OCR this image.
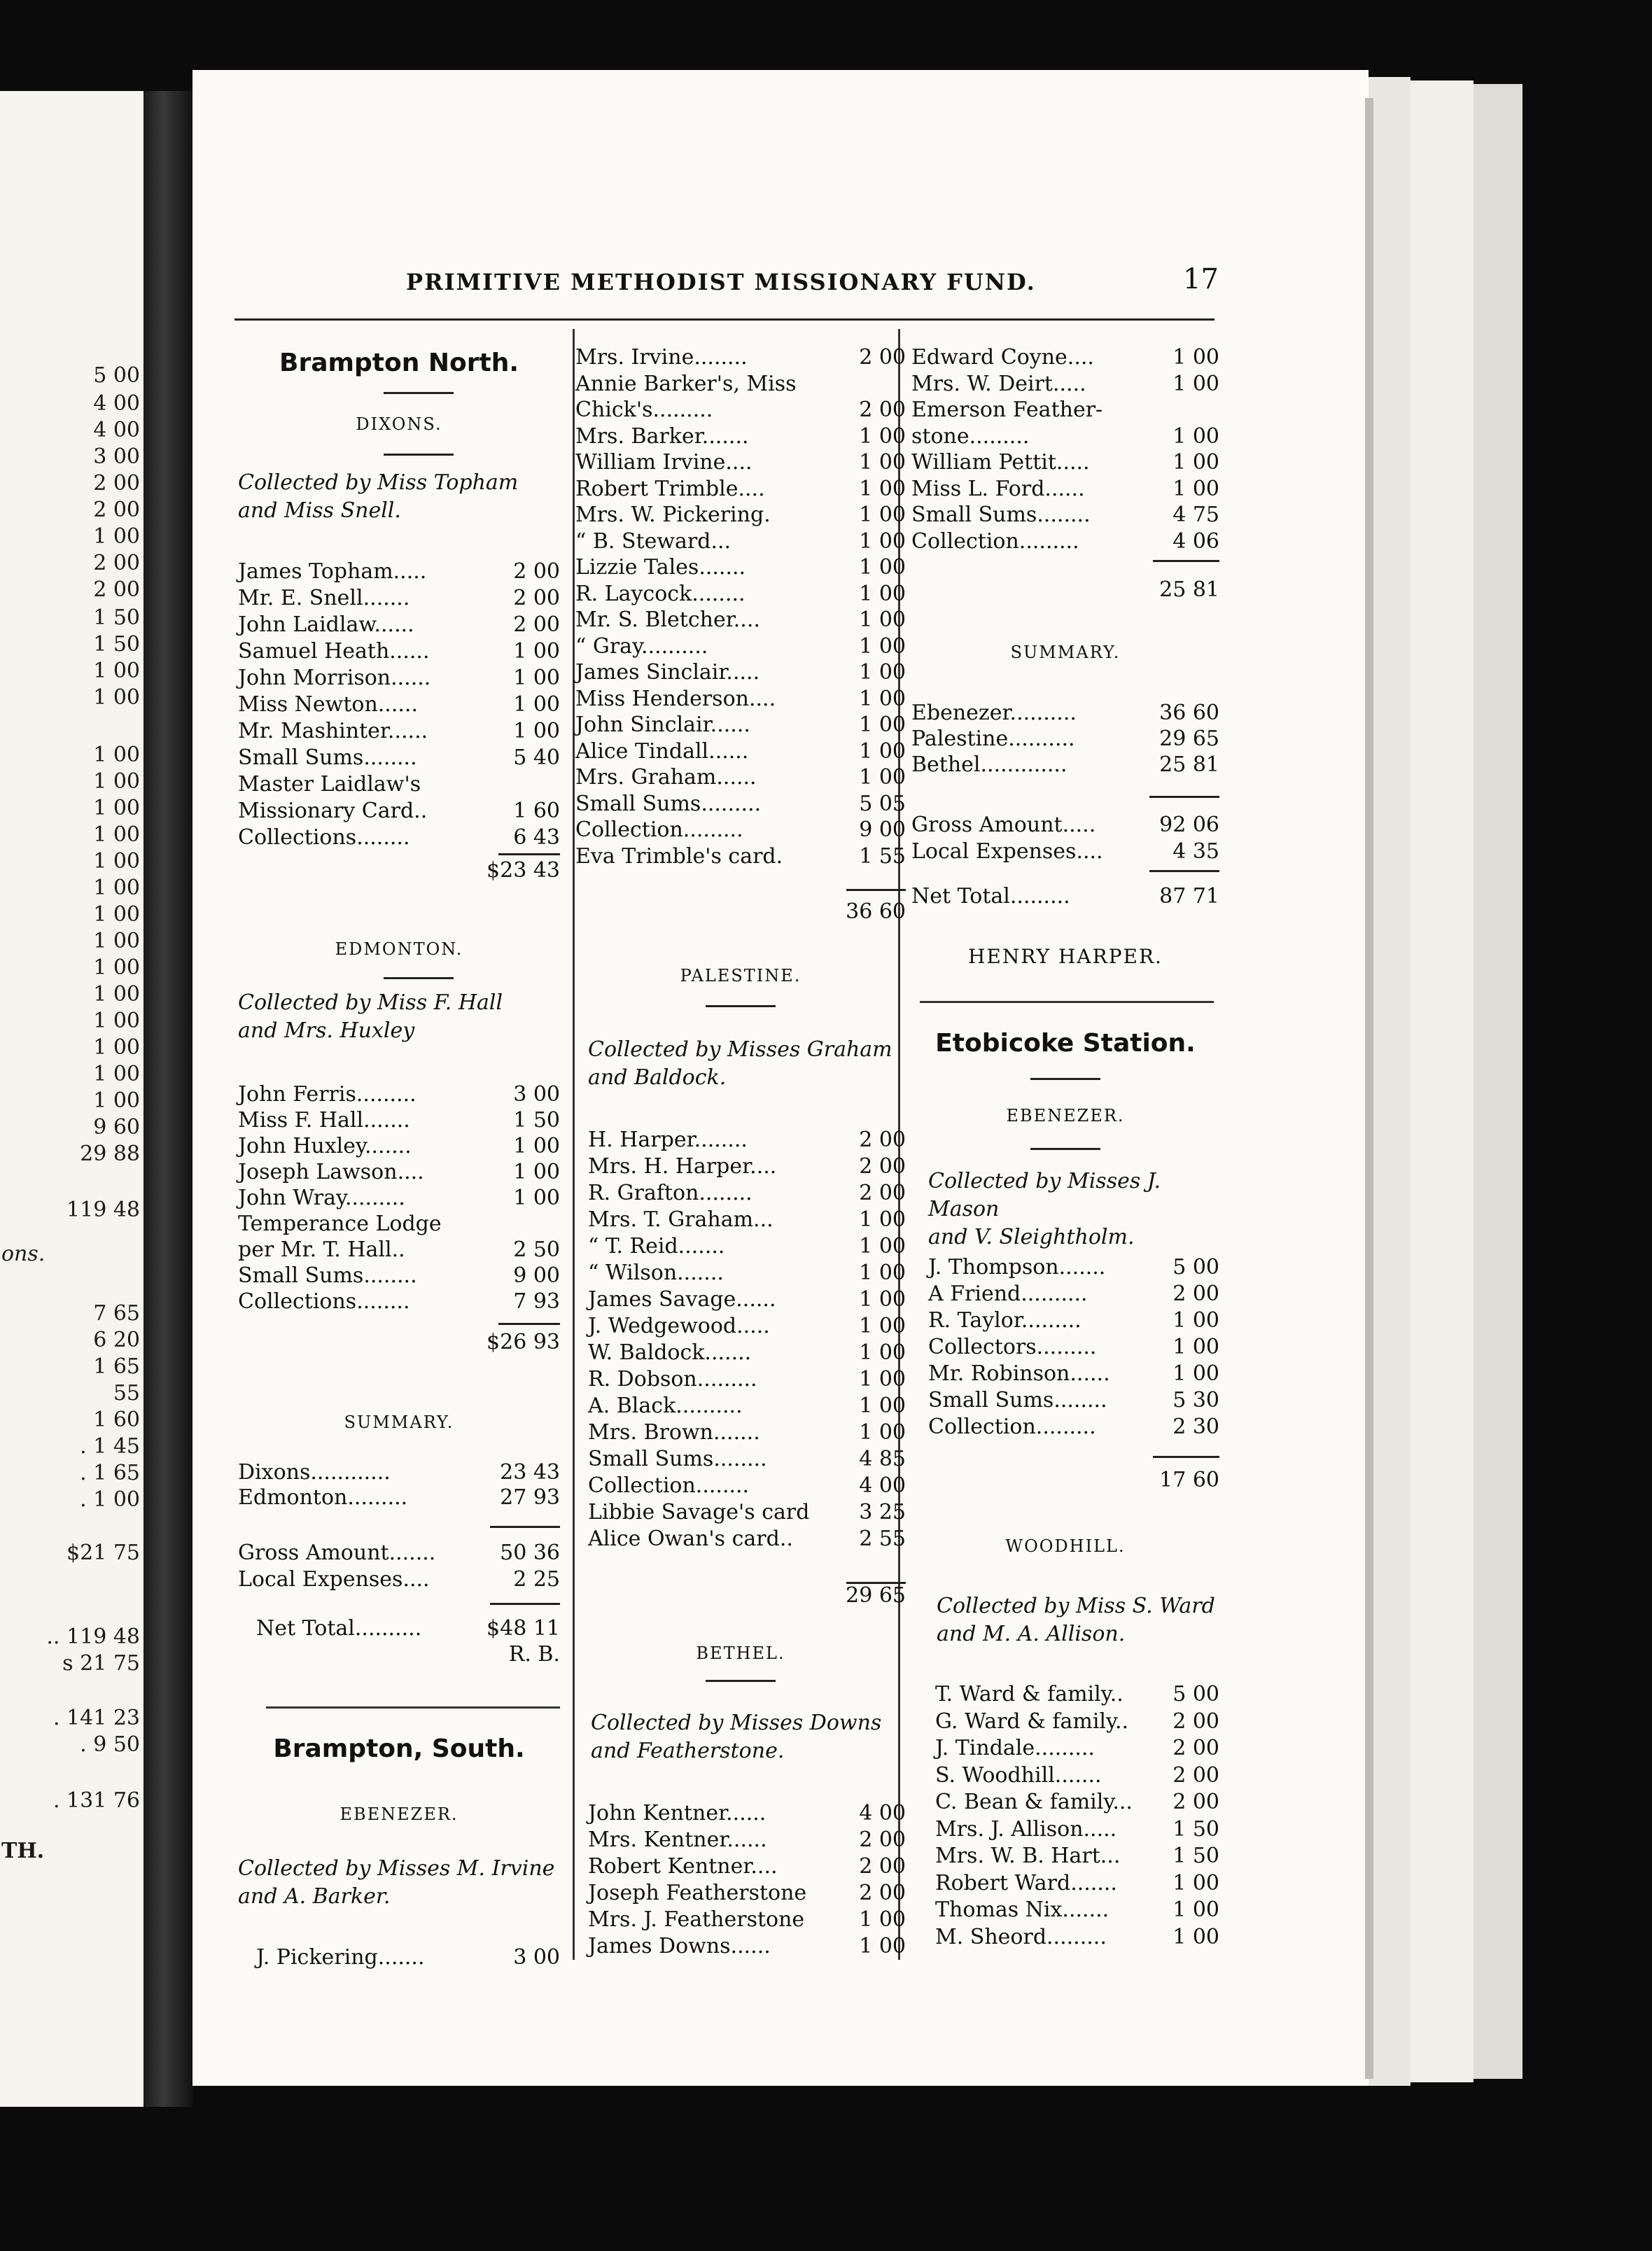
5 00
4 00
4 00
3 00
2 00
2 00
1 00
2 00
2 00
1 50
1 50
1 00
1 00
1 00
1 00
1 00
1 00
1 00
1 00
1 00
1 00
1 00
1 00
1 00
1 00
1 00
1 00
9 60
29 88
119 48
7 65
6 20
1 65
55
1 60
. 1 45
. 1 65
. 1 00
$21 75
.. 119 48
s 21 75
. 141 23
. 9 50
. 131 76
ons.
TH.
PRIMITIVE METHODIST MISSIONARY FUND.	17
Brampton North.
DIXONS.
Collected by Miss Topham
and Miss Snell.
James Topham.....	2 00
Mr. E. Snell.......	2 00
John Laidlaw......	2 00
Samuel Heath......	1 00
John Morrison......	1 00
Miss Newton......	1 00
Mr. Mashinter......	1 00
Small Sums........	5 40
Master Laidlaw's
Missionary Card..	1 60
Collections........	6 43
$23 43
EDMONTON.
Collected by Miss F. Hall
and Mrs. Huxley
John Ferris.........	3 00
Miss F. Hall.......	1 50
John Huxley.......	1 00
Joseph Lawson....	1 00
John Wray.........	1 00
Temperance Lodge
per Mr. T. Hall..	2 50
Small Sums........	9 00
Collections........	7 93
$26 93
SUMMARY.
Dixons............	23 43
Edmonton.........	27 93
Gross Amount.......	50 36
Local Expenses....	2 25
Net Total..........	$48 11
R. B.
Brampton, South.
EBENEZER.
Collected by Misses M. Irvine
and A. Barker.
J. Pickering.......	3 00
Mrs. Irvine........	2 00
Annie Barker's, Miss
Chick's.........	2 00
Mrs. Barker.......	1 00
William Irvine....	1 00
Robert Trimble....	1 00
Mrs. W. Pickering.	1 00
“ B. Steward...	1 00
Lizzie Tales.......	1 00
R. Laycock........	1 00
Mr. S. Bletcher....	1 00
“ Gray..........	1 00
James Sinclair.....	1 00
Miss Henderson....	1 00
John Sinclair......	1 00
Alice Tindall......	1 00
Mrs. Graham......	1 00
Small Sums.........	5 05
Collection.........	9 00
Eva Trimble's card.	1 55
36 60
PALESTINE.
Collected by Misses Graham
and Baldock.
H. Harper........	2 00
Mrs. H. Harper....	2 00
R. Grafton........	2 00
Mrs. T. Graham...	1 00
“ T. Reid.......	1 00
“ Wilson.......	1 00
James Savage......	1 00
J. Wedgewood.....	1 00
W. Baldock.......	1 00
R. Dobson.........	1 00
A. Black..........	1 00
Mrs. Brown.......	1 00
Small Sums........	4 85
Collection........	4 00
Libbie Savage's card 3 25
Alice Owan's card..	2 55
29 65
BETHEL.
Collected by Misses Downs
and Featherstone.
John Kentner......	4 00
Mrs. Kentner......	2 00
Robert Kentner....	2 00
Joseph Featherstone	2 00
Mrs. J. Featherstone	1 00
James Downs......	1 00
Edward Coyne....	1 00
Mrs. W. Deirt.....	1 00
Emerson Feather-
stone.........	1 00
William Pettit.....	1 00
Miss L. Ford......	1 00
Small Sums........	4 75
Collection.........	4 06
25 81
SUMMARY.
Ebenezer..........	36 60
Palestine..........	29 65
Bethel.............	25 81
Gross Amount.....	92 06
Local Expenses....	4 35
Net Total.........	87 71
HENRY HARPER.
Etobicoke Station.
EBENEZER.
Collected by Misses J. Mason
and V. Sleightholm.
J. Thompson.......	5 00
A Friend..........	2 00
R. Taylor.........	1 00
Collectors.........	1 00
Mr. Robinson......	1 00
Small Sums........	5 30
Collection.........	2 30
17 60
WOODHILL.
Collected by Miss S. Ward
and M. A. Allison.
T. Ward & family.. 5 00
G. Ward & family.. 2 00
J. Tindale.........	2 00
S. Woodhill.......	2 00
C. Bean & family... 2 00
Mrs. J. Allison.....	1 50
Mrs. W. B. Hart... 1 50
Robert Ward.......	1 00
Thomas Nix.......	1 00
M. Sheord.........	1 00
